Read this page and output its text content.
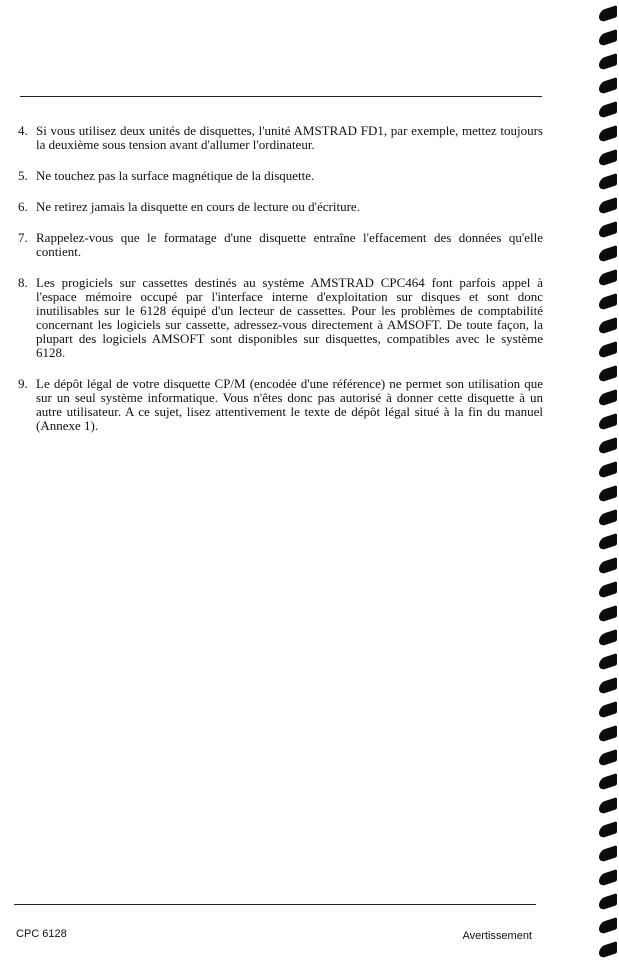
4. Si vous utilisez deux unités de disquettes, l'unité AMSTRAD FD1, par exemple, mettez toujours la deuxième sous tension avant d'allumer l'ordinateur.
5. Ne touchez pas la surface magnétique de la disquette.
6. Ne retirez jamais la disquette en cours de lecture ou d'écriture.
7. Rappelez-vous que le formatage d'une disquette entraîne l'effacement des données qu'elle contient.
8. Les progiciels sur cassettes destinés au système AMSTRAD CPC464 font parfois appel à l'espace mémoire occupé par l'interface interne d'exploitation sur disques et sont donc inutilisables sur le 6128 équipé d'un lecteur de cassettes. Pour les problèmes de comptabilité concernant les logiciels sur cassette, adressez-vous directement à AMSOFT. De toute façon, la plupart des logiciels AMSOFT sont disponibles sur disquettes, compatibles avec le système 6128.
9. Le dépôt légal de votre disquette CP/M (encodée d'une référence) ne permet son utilisation que sur un seul système informatique. Vous n'êtes donc pas autorisé à donner cette disquette à un autre utilisateur. A ce sujet, lisez attentivement le texte de dépôt légal situé à la fin du manuel (Annexe 1).
CPC 6128	Avertissement
